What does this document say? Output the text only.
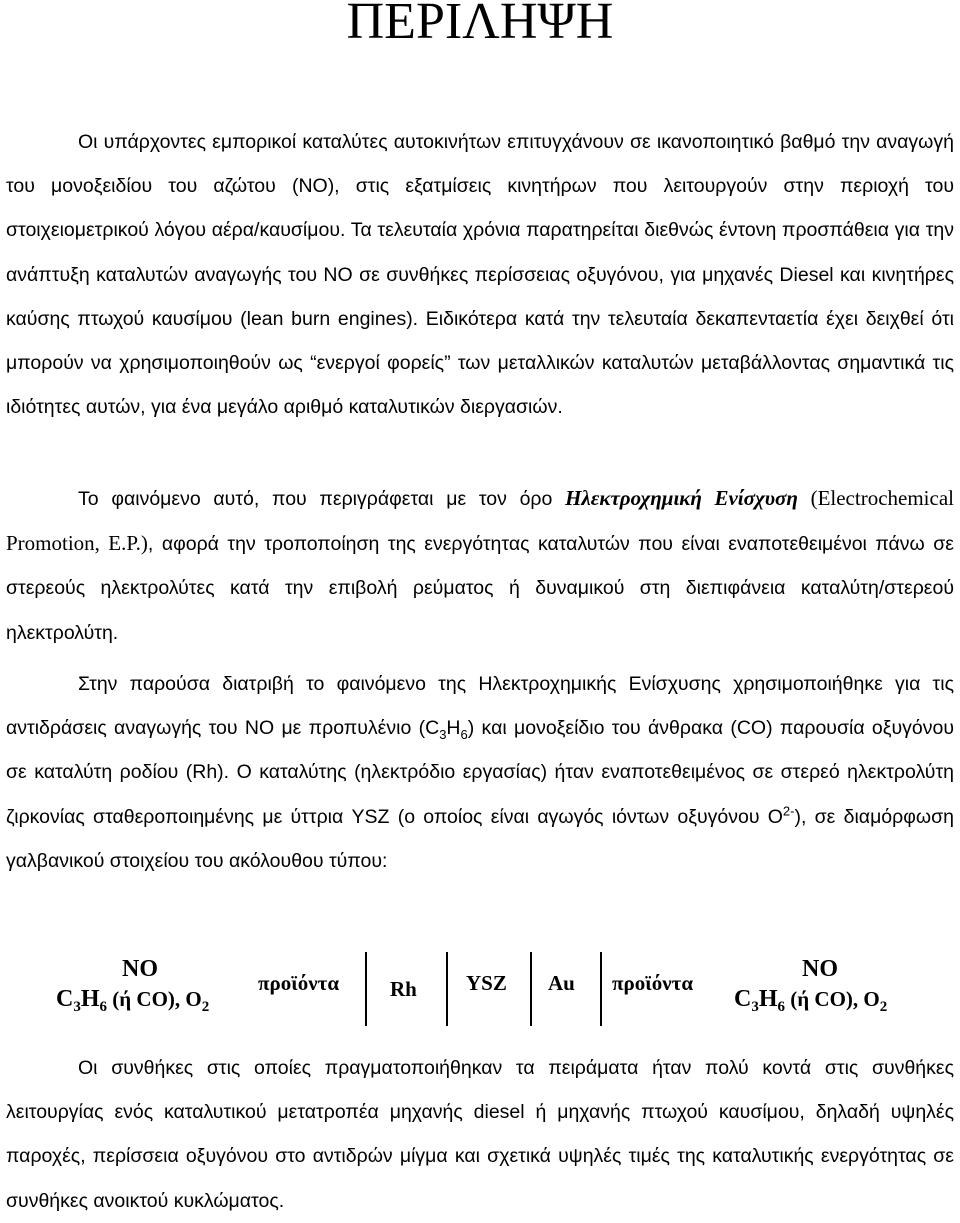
ΠΕΡΙΛΗΨΗ

Οι υπάρχοντες εμπορικοί καταλύτες αυτοκινήτων επιτυγχάνουν σε ικανοποιητικό βαθμό την αναγωγή του μονοξειδίου του αζώτου (NO), στις εξατμίσεις κινητήρων που λειτουργούν στην περιοχή του στοιχειομετρικού λόγου αέρα/καυσίμου. Τα τελευταία χρόνια παρατηρείται διεθνώς έντονη προσπάθεια για την ανάπτυξη καταλυτών αναγωγής του NO σε συνθήκες περίσσειας οξυγόνου, για μηχανές Diesel και κινητήρες καύσης πτωχού καυσίμου (lean burn engines). Ειδικότερα κατά την τελευταία δεκαπενταετία έχει δειχθεί ότι μπορούν να χρησιμοποιηθούν ως “ενεργοί φορείς” των μεταλλικών καταλυτών μεταβάλλοντας σημαντικά τις ιδιότητες αυτών, για ένα μεγάλο αριθμό καταλυτικών διεργασιών.

Το φαινόμενο αυτό, που περιγράφεται με τον όρο Ηλεκτροχημική Ενίσχυση (Electrochemical Promotion, E.P.), αφορά την τροποποίηση της ενεργότητας καταλυτών που είναι εναποτεθειμένοι πάνω σε στερεούς ηλεκτρολύτες κατά την επιβολή ρεύματος ή δυναμικού στη διεπιφάνεια καταλύτη/στερεού ηλεκτρολύτη.

Στην παρούσα διατριβή το φαινόμενο της Ηλεκτροχημικής Ενίσχυσης χρησιμοποιήθηκε για τις αντιδράσεις αναγωγής του NO με προπυλένιο $(C_3H_6)$ και μονοξείδιο του άνθρακα (CO) παρουσία οξυγόνου σε καταλύτη ροδίου (Rh). Ο καταλύτης (ηλεκτρόδιο εργασίας) ήταν εναποτεθειμένος σε στερεό ηλεκτρολύτη ζιρκονίας σταθεροποιημένης με ύττρια YSZ (ο οποίος είναι αγωγός ιόντων οξυγόνου $O^{2-}$), σε διαμόρφωση γαλβανικού στοιχείου του ακόλουθου τύπου:

NO
$C_3H_6$ (ή CO), $O_2$
προϊόντα Rh YSZ Au προϊόντα
NO
$C_3H_6$ (ή CO), $O_2$

Οι συνθήκες στις οποίες πραγματοποιήθηκαν τα πειράματα ήταν πολύ κοντά στις συνθήκες λειτουργίας ενός καταλυτικού μετατροπέα μηχανής diesel ή μηχανής πτωχού καυσίμου, δηλαδή υψηλές παροχές, περίσσεια οξυγόνου στο αντιδρών μίγμα και σχετικά υψηλές τιμές της καταλυτικής ενεργότητας σε συνθήκες ανοικτού κυκλώματος.
